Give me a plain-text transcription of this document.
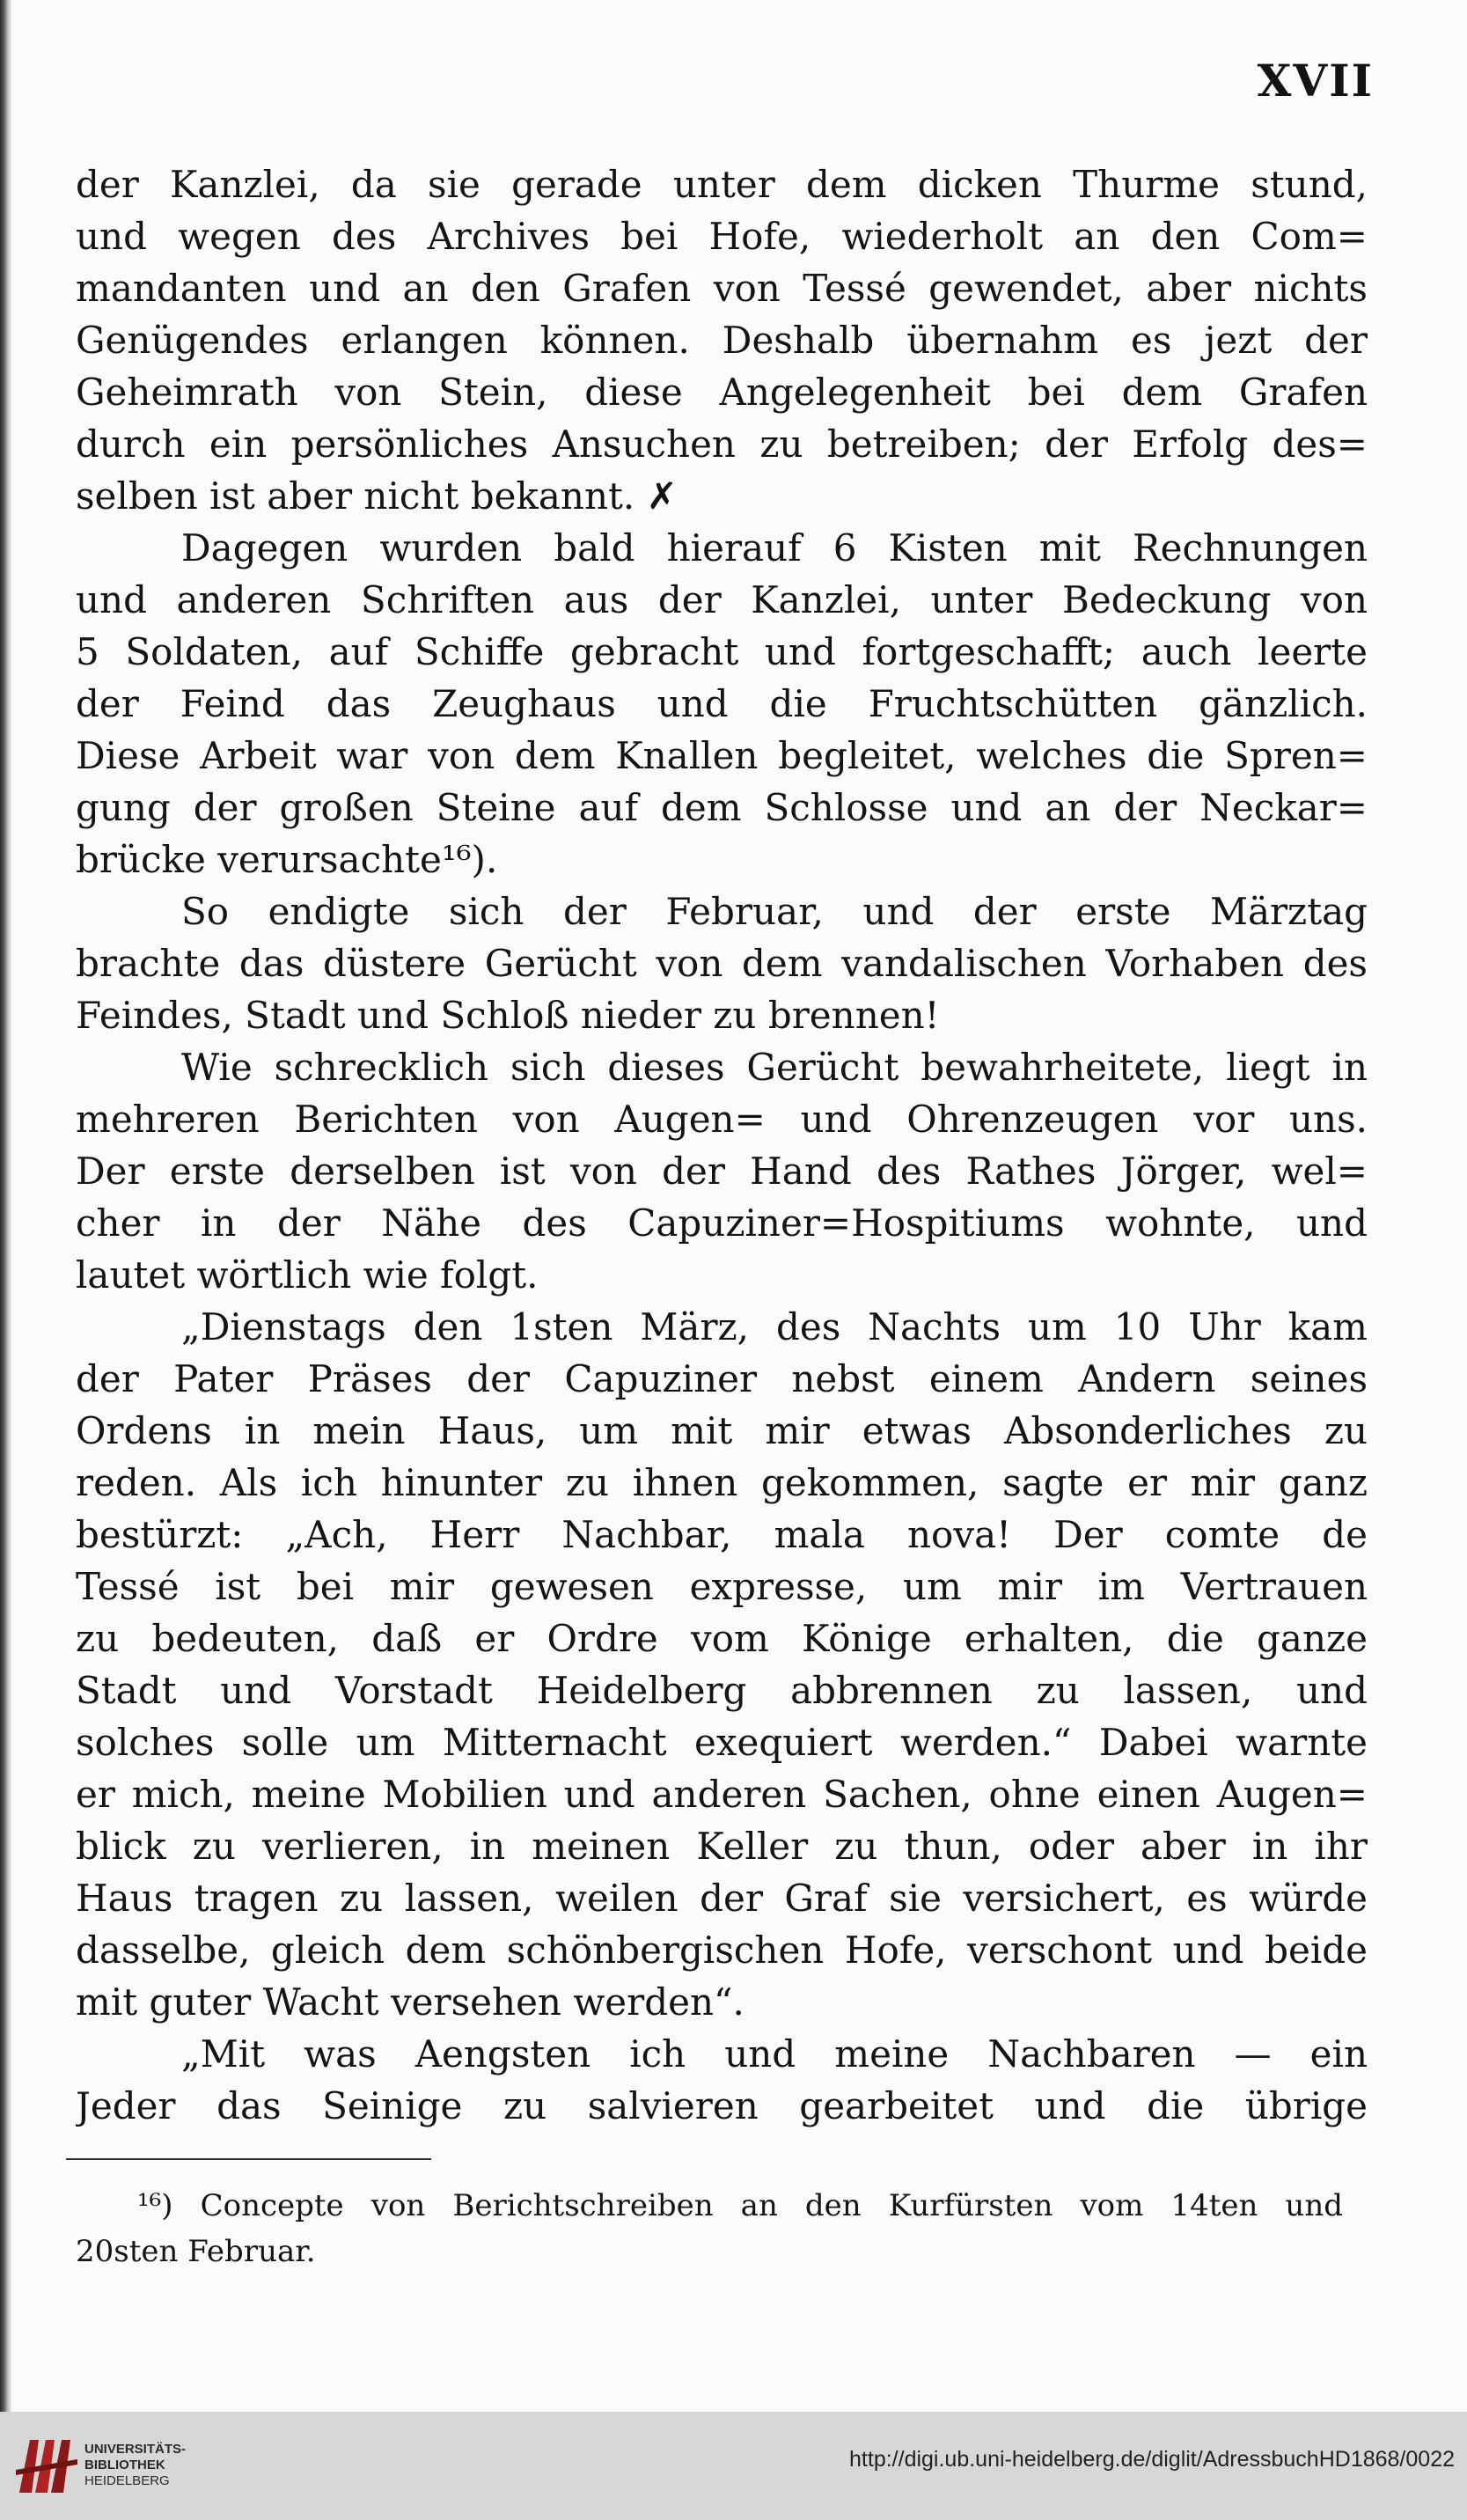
XVII
der Kanzlei, da sie gerade unter dem dicken Thurme stund,
und wegen des Archives bei Hofe, wiederholt an den Com=
mandanten und an den Grafen von Tessé gewendet, aber nichts
Genügendes erlangen können. Deshalb übernahm es jezt der
Geheimrath von Stein, diese Angelegenheit bei dem Grafen
durch ein persönliches Ansuchen zu betreiben; der Erfolg des=
selben ist aber nicht bekannt. ✗
Dagegen wurden bald hierauf 6 Kisten mit Rechnungen
und anderen Schriften aus der Kanzlei, unter Bedeckung von
5 Soldaten, auf Schiffe gebracht und fortgeschafft; auch leerte
der Feind das Zeughaus und die Fruchtschütten gänzlich.
Diese Arbeit war von dem Knallen begleitet, welches die Spren=
gung der großen Steine auf dem Schlosse und an der Neckar=
brücke verursachte¹⁶).
So endigte sich der Februar, und der erste Märztag
brachte das düstere Gerücht von dem vandalischen Vorhaben des
Feindes, Stadt und Schloß nieder zu brennen!
Wie schrecklich sich dieses Gerücht bewahrheitete, liegt in
mehreren Berichten von Augen= und Ohrenzeugen vor uns.
Der erste derselben ist von der Hand des Rathes Jörger, wel=
cher in der Nähe des Capuziner=Hospitiums wohnte, und
lautet wörtlich wie folgt.
„Dienstags den 1sten März, des Nachts um 10 Uhr kam
der Pater Präses der Capuziner nebst einem Andern seines
Ordens in mein Haus, um mit mir etwas Absonderliches zu
reden. Als ich hinunter zu ihnen gekommen, sagte er mir ganz
bestürzt: „Ach, Herr Nachbar, mala nova! Der comte de
Tessé ist bei mir gewesen expresse, um mir im Vertrauen
zu bedeuten, daß er Ordre vom Könige erhalten, die ganze
Stadt und Vorstadt Heidelberg abbrennen zu lassen, und
solches solle um Mitternacht exequiert werden.“ Dabei warnte
er mich, meine Mobilien und anderen Sachen, ohne einen Augen=
blick zu verlieren, in meinen Keller zu thun, oder aber in ihr
Haus tragen zu lassen, weilen der Graf sie versichert, es würde
dasselbe, gleich dem schönbergischen Hofe, verschont und beide
mit guter Wacht versehen werden“.
„Mit was Aengsten ich und meine Nachbaren — ein
Jeder das Seinige zu salvieren gearbeitet und die übrige
¹⁶) Concepte von Berichtschreiben an den Kurfürsten vom 14ten und
20sten Februar.
UNIVERSITÄTS-
BIBLIOTHEK
HEIDELBERG
http://digi.ub.uni-heidelberg.de/diglit/AdressbuchHD1868/0022
